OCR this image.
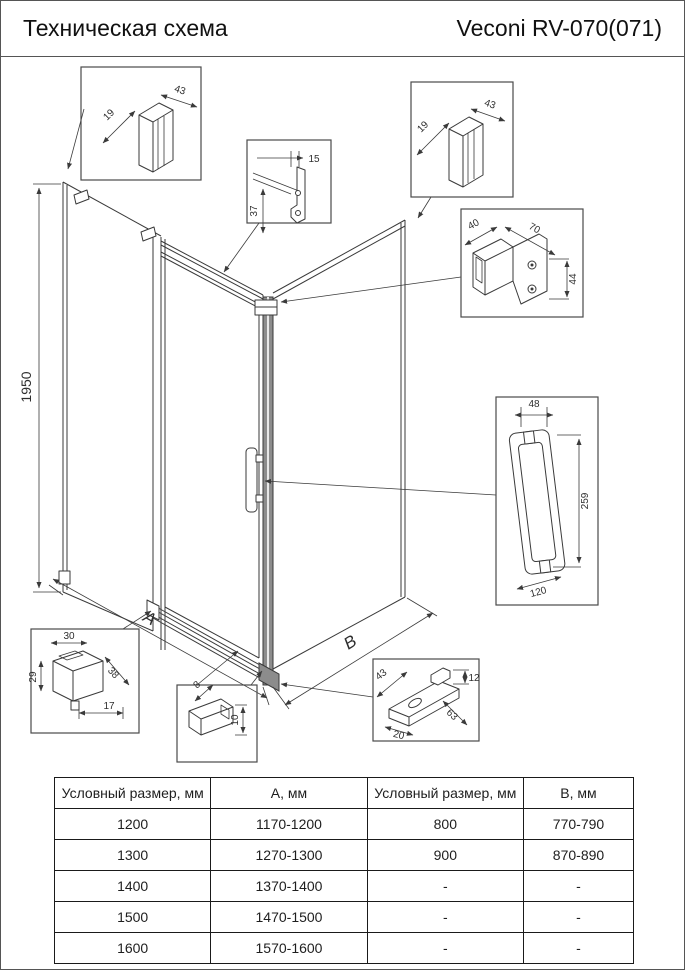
Техническая схема	Veconi RV-070(071)
1950
A
B
43
19
43
19
15
37
40	70
44
48
259
120
30
29	38
17
8
10
43	12
63
20
Условный размер, мм	А, мм	Условный размер, мм	В, мм
1200	1170-1200	800	770-790
1300	1270-1300	900	870-890
1400	1370-1400	-	-
1500	1470-1500	-	-
1600	1570-1600	-	-
